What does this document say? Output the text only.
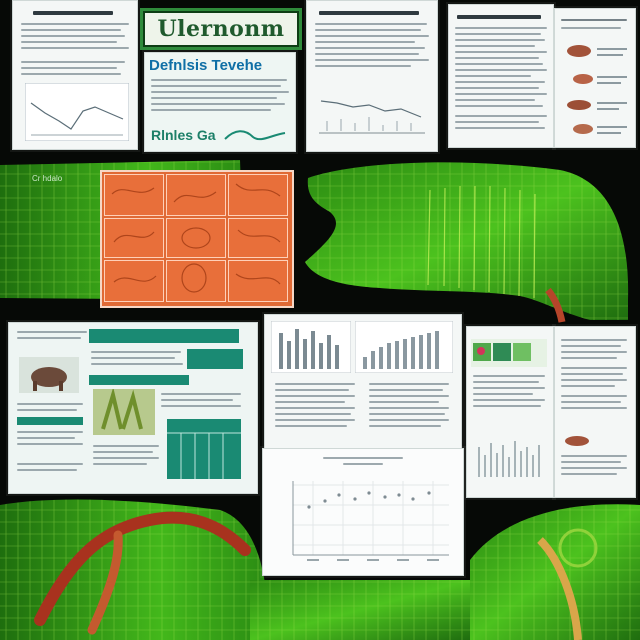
Ulernonm
Defnlsis Tevehe
Rlnles Ga
Cr hdalo
